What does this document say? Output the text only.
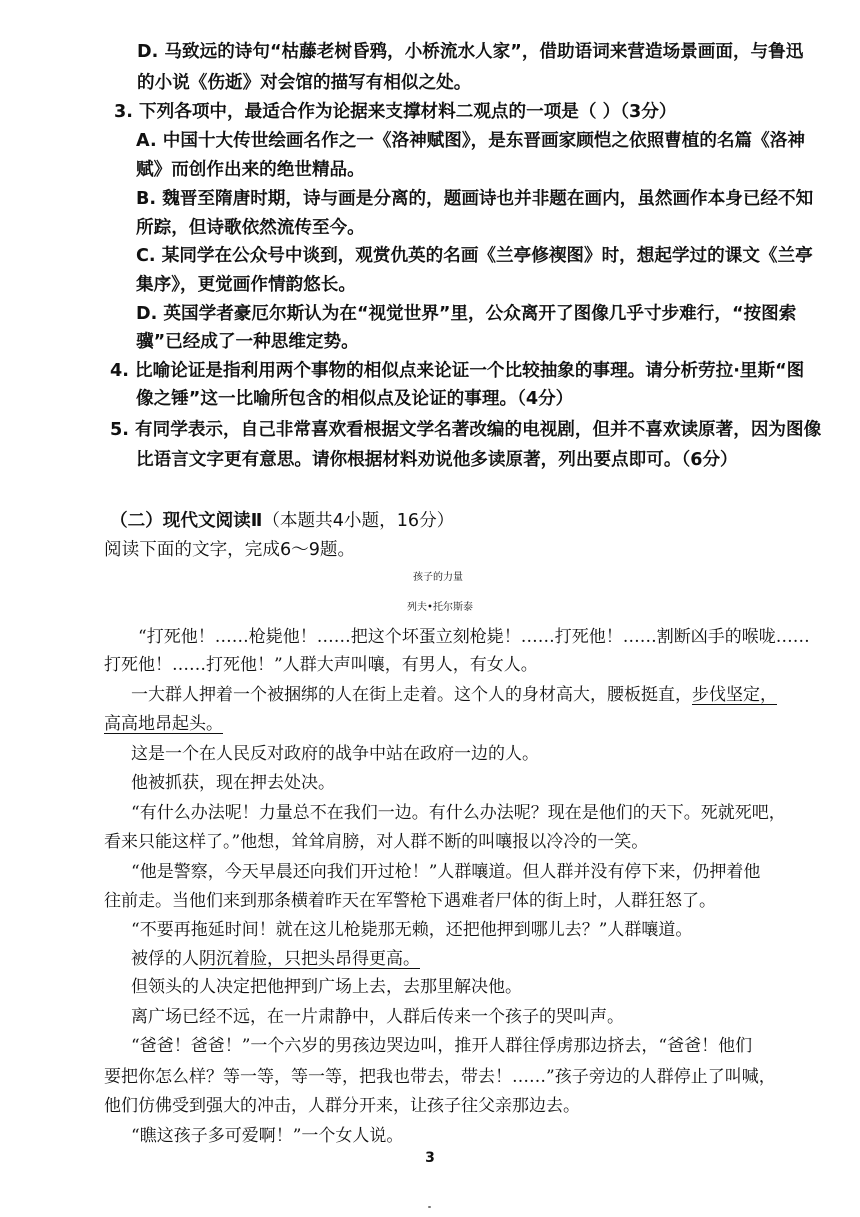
D. 马致远的诗句“枯藤老树昏鸦，小桥流水人家”，借助语词来营造场景画面，与鲁迅
的小说《伤逝》对会馆的描写有相似之处。
3. 下列各项中，最适合作为论据来支撑材料二观点的一项是（ ）（3分）
A. 中国十大传世绘画名作之一《洛神赋图》，是东晋画家顾恺之依照曹植的名篇《洛神
赋》而创作出来的绝世精品。
B. 魏晋至隋唐时期，诗与画是分离的，题画诗也并非题在画内，虽然画作本身已经不知
所踪，但诗歌依然流传至今。
C. 某同学在公众号中谈到，观赏仇英的名画《兰亭修禊图》时，想起学过的课文《兰亭
集序》，更觉画作情韵悠长。
D. 英国学者豪厄尔斯认为在“视觉世界”里，公众离开了图像几乎寸步难行，“按图索
骥”已经成了一种思维定势。
4. 比喻论证是指利用两个事物的相似点来论证一个比较抽象的事理。请分析劳拉·里斯“图
像之锤”这一比喻所包含的相似点及论证的事理。（4分）
5. 有同学表示，自己非常喜欢看根据文学名著改编的电视剧，但并不喜欢读原著，因为图像
比语言文字更有意思。请你根据材料劝说他多读原著，列出要点即可。（6分）
（二）现代文阅读Ⅱ（本题共4小题，16分）
阅读下面的文字，完成6～9题。
孩子的力量
列夫•托尔斯泰
“打死他！……枪毙他！……把这个坏蛋立刻枪毙！……打死他！……割断凶手的喉咙……
打死他！……打死他！”人群大声叫嚷，有男人，有女人。
一大群人押着一个被捆绑的人在街上走着。这个人的身材高大，腰板挺直，步伐坚定，
高高地昂起头。
这是一个在人民反对政府的战争中站在政府一边的人。
他被抓获，现在押去处决。
“有什么办法呢！力量总不在我们一边。有什么办法呢？现在是他们的天下。死就死吧，
看来只能这样了。”他想，耸耸肩膀，对人群不断的叫嚷报以冷冷的一笑。
“他是警察，今天早晨还向我们开过枪！”人群嚷道。但人群并没有停下来，仍押着他
往前走。当他们来到那条横着昨天在军警枪下遇难者尸体的街上时，人群狂怒了。
“不要再拖延时间！就在这儿枪毙那无赖，还把他押到哪儿去？”人群嚷道。
被俘的人阴沉着脸，只把头昂得更高。
但领头的人决定把他押到广场上去，去那里解决他。
离广场已经不远，在一片肃静中，人群后传来一个孩子的哭叫声。
“爸爸！爸爸！”一个六岁的男孩边哭边叫，推开人群往俘虏那边挤去，“爸爸！他们
要把你怎么样？等一等，等一等，把我也带去，带去！……”孩子旁边的人群停止了叫喊，
他们仿佛受到强大的冲击，人群分开来，让孩子往父亲那边去。
“瞧这孩子多可爱啊！”一个女人说。
3
